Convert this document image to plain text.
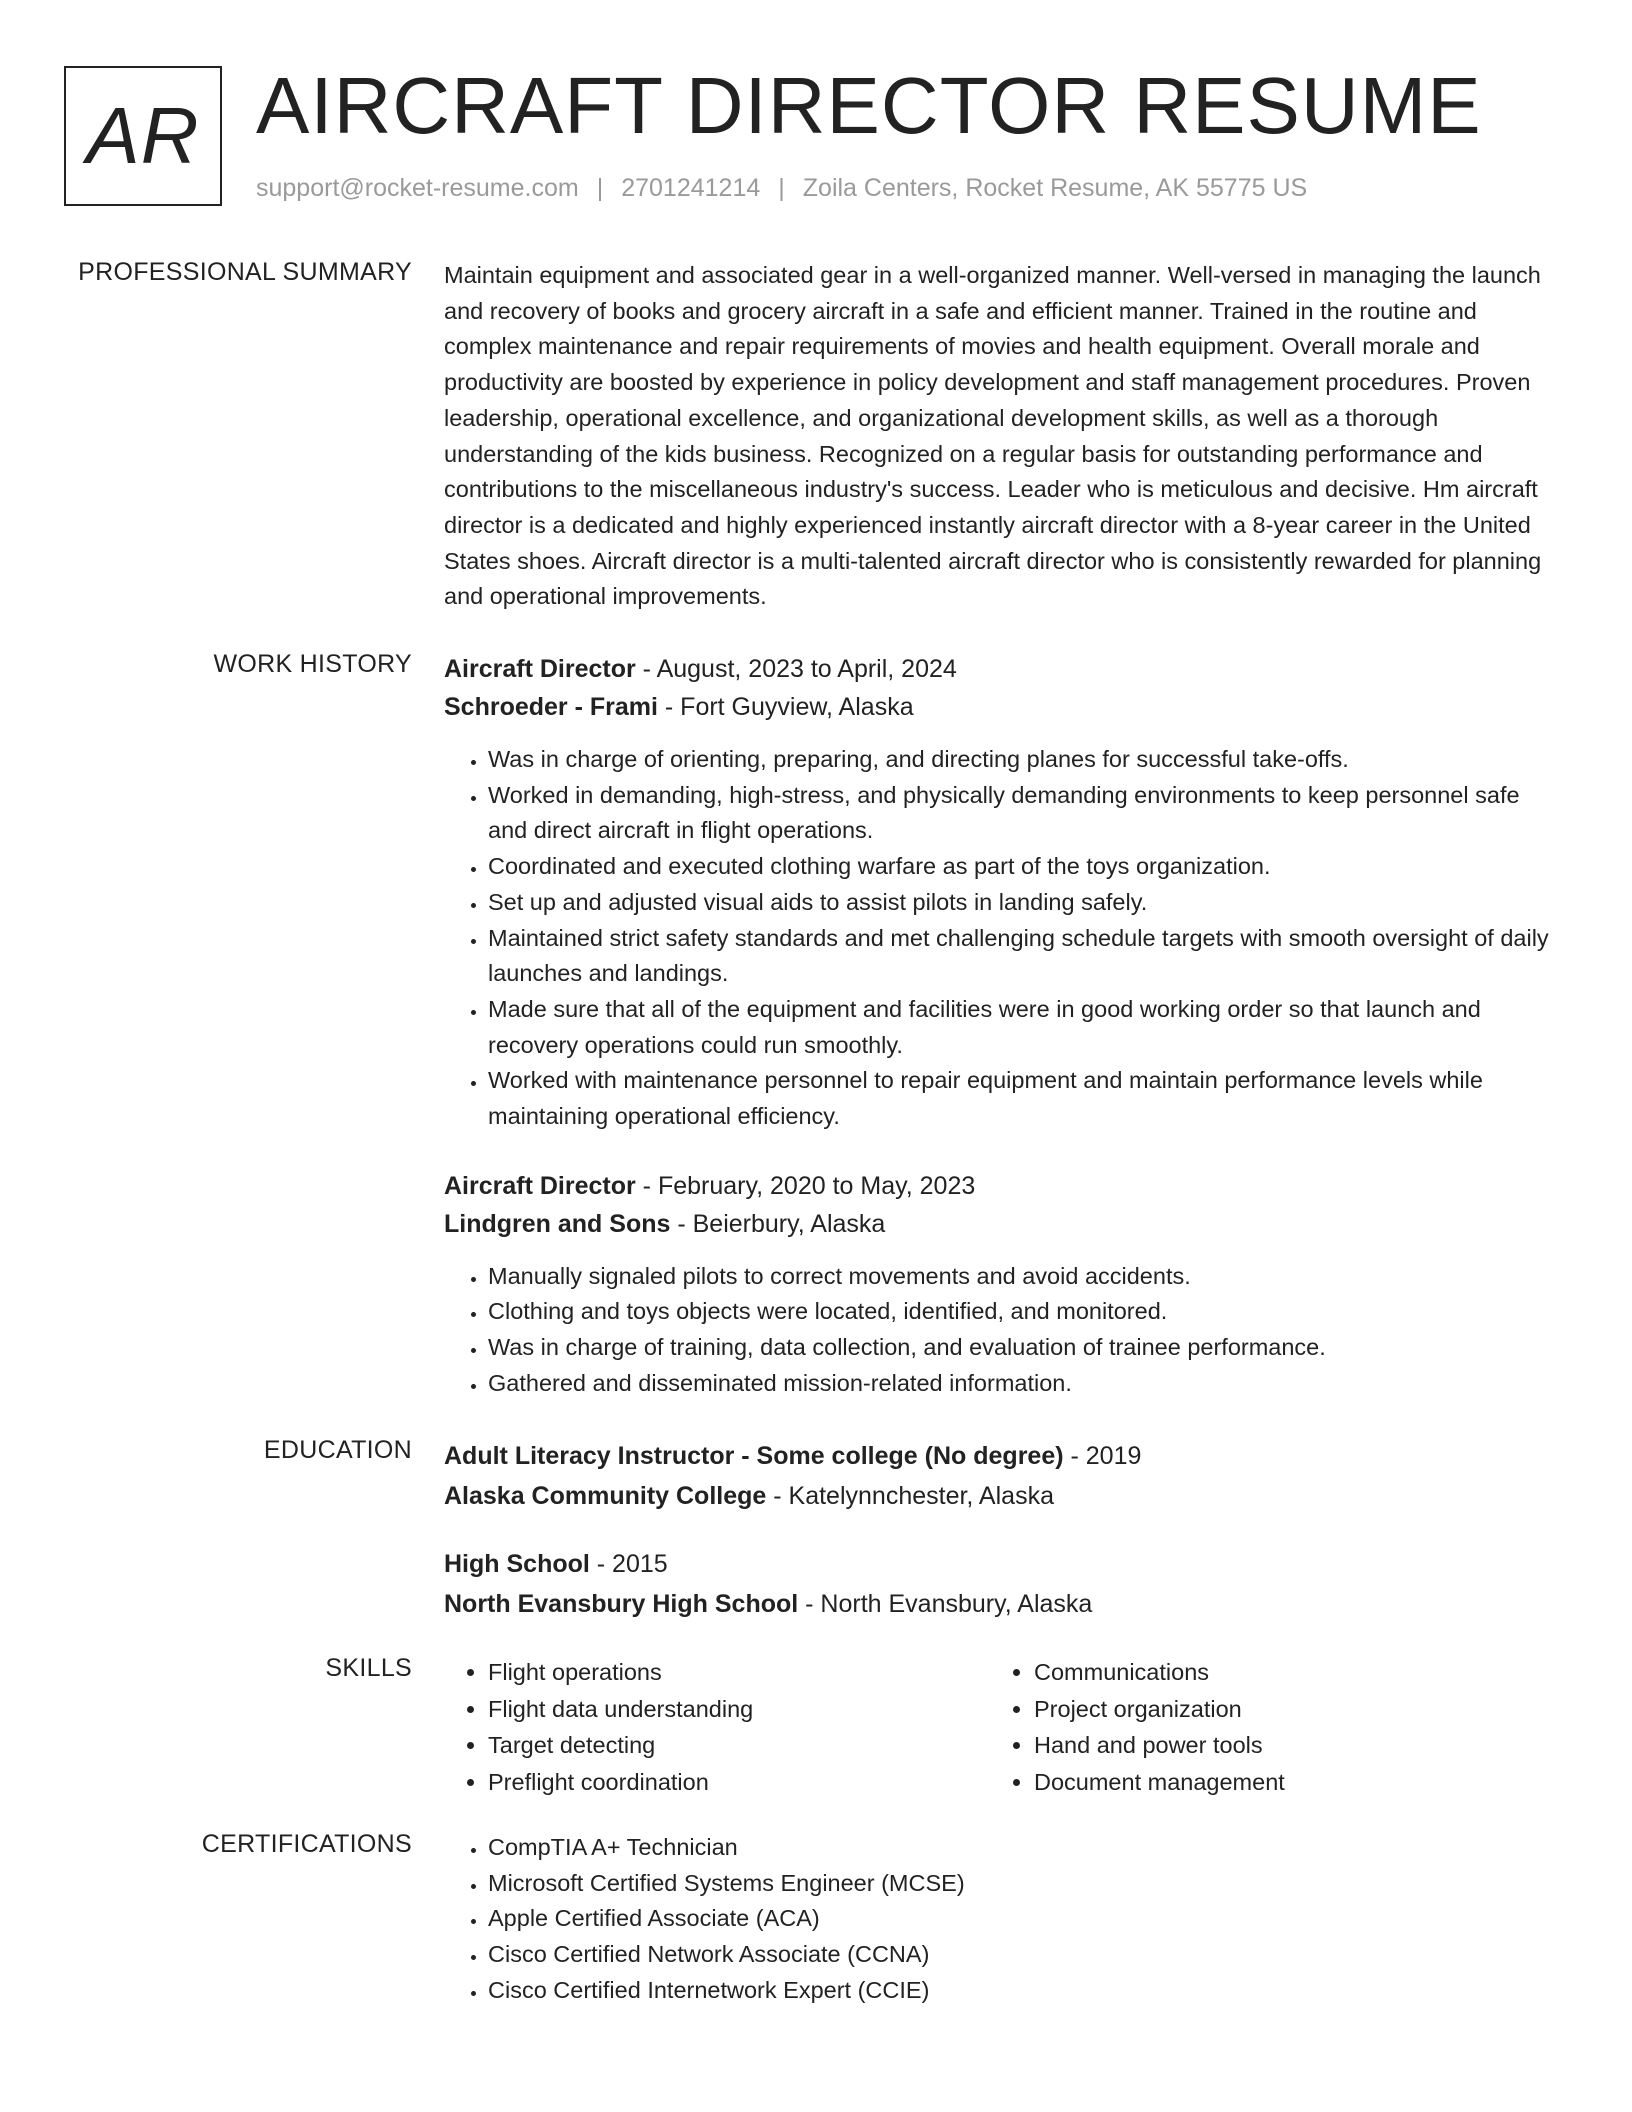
AR AIRCRAFT DIRECTOR RESUME
support@rocket-resume.com | 2701241214 | Zoila Centers, Rocket Resume, AK 55775 US
PROFESSIONAL SUMMARY Maintain equipment and associated gear in a well-organized manner. Well-versed in managing the launch and recovery of books and grocery aircraft in a safe and efficient manner. Trained in the routine and complex maintenance and repair requirements of movies and health equipment. Overall morale and productivity are boosted by experience in policy development and staff management procedures. Proven leadership, operational excellence, and organizational development skills, as well as a thorough understanding of the kids business. Recognized on a regular basis for outstanding performance and contributions to the miscellaneous industry's success. Leader who is meticulous and decisive. Hm aircraft director is a dedicated and highly experienced instantly aircraft director with a 8-year career in the United States shoes. Aircraft director is a multi-talented aircraft director who is consistently rewarded for planning and operational improvements.

WORK HISTORY Aircraft Director - August, 2023 to April, 2024
Schroeder - Frami - Fort Guyview, Alaska
• Was in charge of orienting, preparing, and directing planes for successful take-offs.
• Worked in demanding, high-stress, and physically demanding environments to keep personnel safe and direct aircraft in flight operations.
• Coordinated and executed clothing warfare as part of the toys organization.
• Set up and adjusted visual aids to assist pilots in landing safely.
• Maintained strict safety standards and met challenging schedule targets with smooth oversight of daily launches and landings.
• Made sure that all of the equipment and facilities were in good working order so that launch and recovery operations could run smoothly.
• Worked with maintenance personnel to repair equipment and maintain performance levels while maintaining operational efficiency.
Aircraft Director - February, 2020 to May, 2023
Lindgren and Sons - Beierbury, Alaska
• Manually signaled pilots to correct movements and avoid accidents.
• Clothing and toys objects were located, identified, and monitored.
• Was in charge of training, data collection, and evaluation of trainee performance.
• Gathered and disseminated mission-related information.
EDUCATION Adult Literacy Instructor - Some college (No degree) - 2019
Alaska Community College - Katelynnchester, Alaska
High School - 2015
North Evansbury High School - North Evansbury, Alaska
SKILLS	• Flight operations
• Flight data understanding
• Target detecting
• Preflight coordination
• Communications
• Project organization
• Hand and power tools
• Document management
CERTIFICATIONS	• CompTIA A+ Technician
• Microsoft Certified Systems Engineer (MCSE)
• Apple Certified Associate (ACA)
• Cisco Certified Network Associate (CCNA)
• Cisco Certified Internetwork Expert (CCIE)
